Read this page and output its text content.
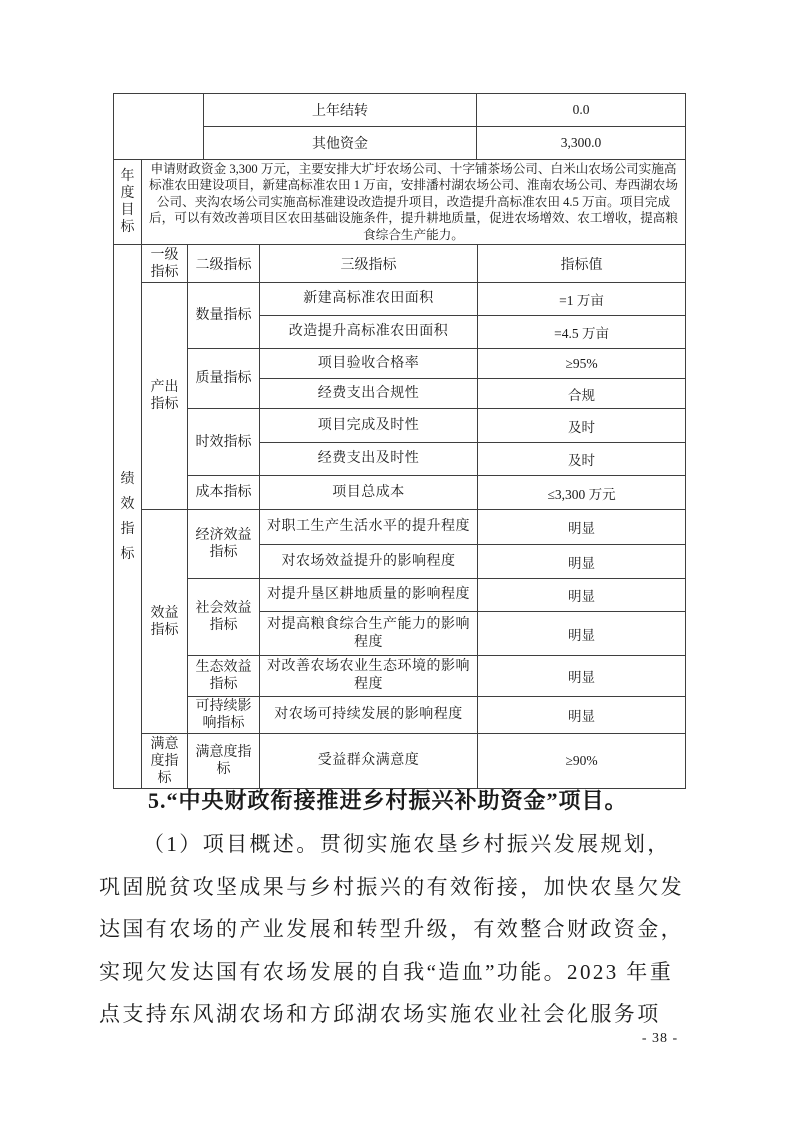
	上年结转	0.0
	其他资金	3,300.0
年度目标	申请财政资金 3,300 万元，主要安排大圹圩农场公司、十字铺茶场公司、白米山农场公司实施高标准农田建设项目，新建高标准农田 1 万亩，安排潘村湖农场公司、淮南农场公司、寿西湖农场公司、夹沟农场公司实施高标准建设改造提升项目，改造提升高标准农田 4.5 万亩。项目完成后，可以有效改善项目区农田基础设施条件，提升耕地质量，促进农场增效、农工增收，提高粮食综合生产能力。			
绩效指标	一级指标	二级指标	三级指标	指标值
	产出指标	数量指标	新建高标准农田面积	=1 万亩
			改造提升高标准农田面积	=4.5 万亩
		质量指标	项目验收合格率	≥95%
			经费支出合规性	合规
		时效指标	项目完成及时性	及时
			经费支出及时性	及时
		成本指标	项目总成本	≤3,300 万元
	效益指标	经济效益指标	对职工生产生活水平的提升程度	明显
			对农场效益提升的影响程度	明显
		社会效益指标	对提升垦区耕地质量的影响程度	明显
			对提高粮食综合生产能力的影响程度	明显
		生态效益指标	对改善农场农业生态环境的影响程度	明显
		可持续影响指标	对农场可持续发展的影响程度	明显
	满意度指标	满意度指标	受益群众满意度	≥90%
5.“中央财政衔接推进乡村振兴补助资金”项目。
（1）项目概述。贯彻实施农垦乡村振兴发展规划，
巩固脱贫攻坚成果与乡村振兴的有效衔接，加快农垦欠发
达国有农场的产业发展和转型升级，有效整合财政资金，
实现欠发达国有农场发展的自我“造血”功能。2023 年重
点支持东风湖农场和方邱湖农场实施农业社会化服务项
- 38 -
